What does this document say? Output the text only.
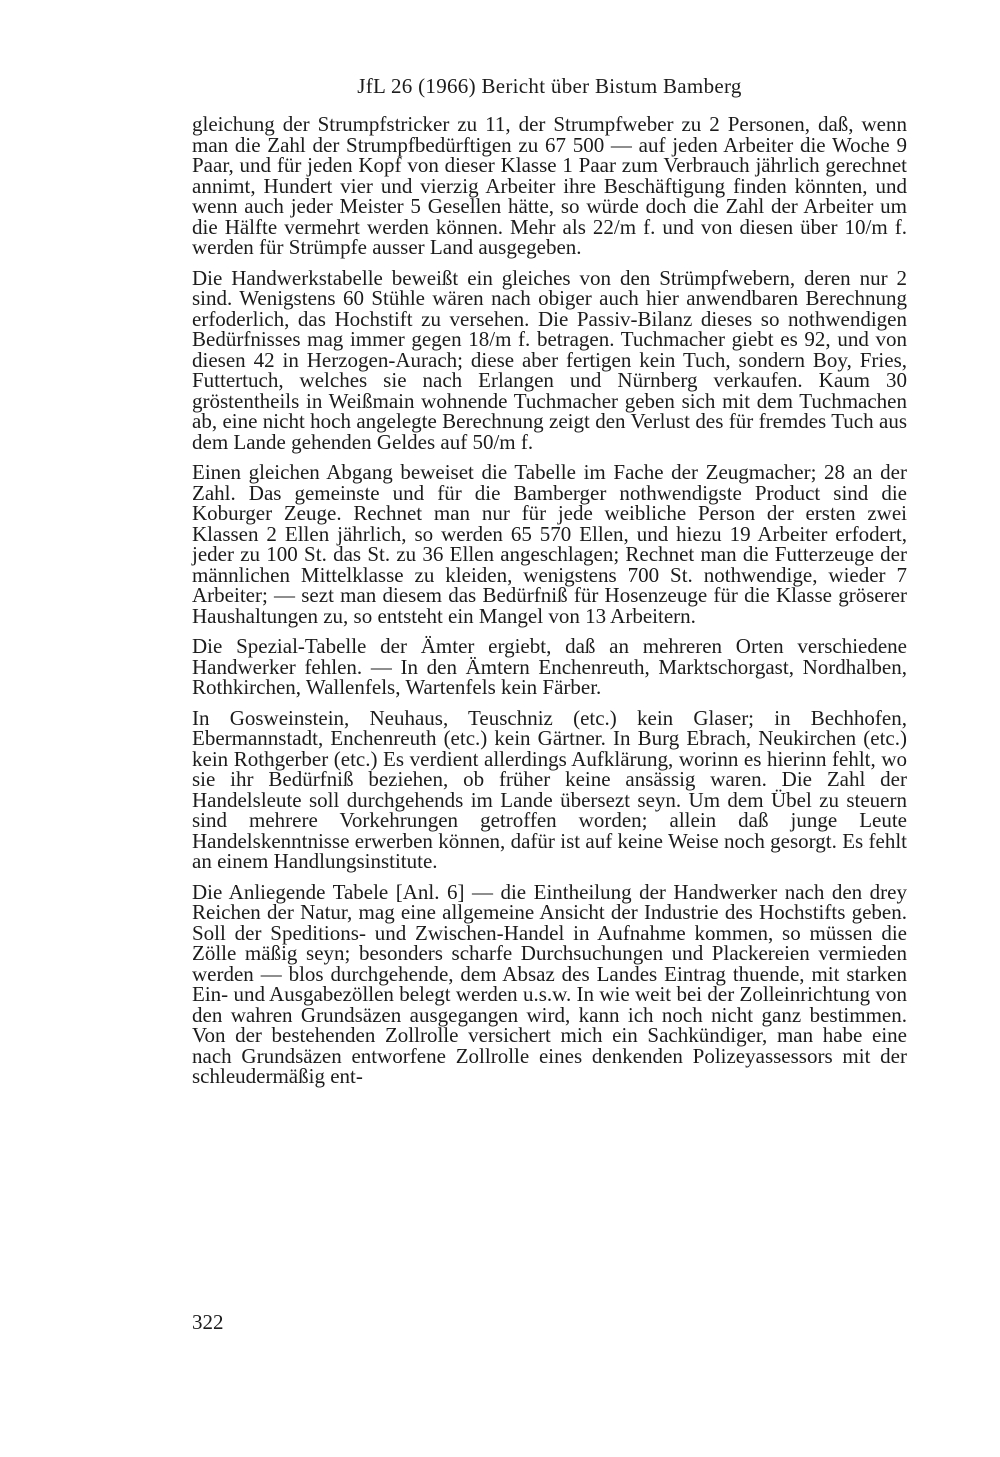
JfL 26 (1966) Bericht über Bistum Bamberg

gleichung der Strumpfstricker zu 11, der Strumpfweber zu 2 Personen, daß, wenn man die Zahl der Strumpfbedürftigen zu 67 500 — auf jeden Arbeiter die Woche 9 Paar, und für jeden Kopf von dieser Klasse 1 Paar zum Verbrauch jährlich gerechnet annimt, Hundert vier und vierzig Arbeiter ihre Beschäftigung finden könnten, und wenn auch jeder Meister 5 Gesellen hätte, so würde doch die Zahl der Arbeiter um die Hälfte vermehrt werden können. Mehr als 22/m f. und von diesen über 10/m f. werden für Strümpfe ausser Land ausgegeben.

Die Handwerkstabelle beweißt ein gleiches von den Strümpfwebern, deren nur 2 sind. Wenigstens 60 Stühle wären nach obiger auch hier anwendbaren Berechnung erfoderlich, das Hochstift zu versehen. Die Passiv-Bilanz dieses so nothwendigen Bedürfnisses mag immer gegen 18/m f. betragen. Tuchmacher giebt es 92, und von diesen 42 in Herzogen-Aurach; diese aber fertigen kein Tuch, sondern Boy, Fries, Futtertuch, welches sie nach Erlangen und Nürnberg verkaufen. Kaum 30 gröstentheils in Weißmain wohnende Tuchmacher geben sich mit dem Tuchmachen ab, eine nicht hoch angelegte Berechnung zeigt den Verlust des für fremdes Tuch aus dem Lande gehenden Geldes auf 50/m f.

Einen gleichen Abgang beweiset die Tabelle im Fache der Zeugmacher; 28 an der Zahl. Das gemeinste und für die Bamberger nothwendigste Product sind die Koburger Zeuge. Rechnet man nur für jede weibliche Person der ersten zwei Klassen 2 Ellen jährlich, so werden 65 570 Ellen, und hiezu 19 Arbeiter erfodert, jeder zu 100 St. das St. zu 36 Ellen angeschlagen; Rechnet man die Futterzeuge der männlichen Mittelklasse zu kleiden, wenigstens 700 St. nothwendige, wieder 7 Arbeiter; — sezt man diesem das Bedürfniß für Hosenzeuge für die Klasse gröserer Haushaltungen zu, so entsteht ein Mangel von 13 Arbeitern.

Die Spezial-Tabelle der Ämter ergiebt, daß an mehreren Orten verschiedene Handwerker fehlen. — In den Ämtern Enchenreuth, Marktschorgast, Nordhalben, Rothkirchen, Wallenfels, Wartenfels kein Färber.

In Gosweinstein, Neuhaus, Teuschniz (etc.) kein Glaser; in Bechhofen, Ebermannstadt, Enchenreuth (etc.) kein Gärtner. In Burg Ebrach, Neukirchen (etc.) kein Rothgerber (etc.) Es verdient allerdings Aufklärung, worinn es hierinn fehlt, wo sie ihr Bedürfniß beziehen, ob früher keine ansässig waren. Die Zahl der Handelsleute soll durchgehends im Lande übersezt seyn. Um dem Übel zu steuern sind mehrere Vorkehrungen getroffen worden; allein daß junge Leute Handelskenntnisse erwerben können, dafür ist auf keine Weise noch gesorgt. Es fehlt an einem Handlungsinstitute.

Die Anliegende Tabele [Anl. 6] — die Eintheilung der Handwerker nach den drey Reichen der Natur, mag eine allgemeine Ansicht der Industrie des Hochstifts geben. Soll der Speditions- und Zwischen-Handel in Aufnahme kommen, so müssen die Zölle mäßig seyn; besonders scharfe Durchsuchungen und Plackereien vermieden werden — blos durchgehende, dem Absaz des Landes Eintrag thuende, mit starken Ein- und Ausgabezöllen belegt werden u.s.w. In wie weit bei der Zolleinrichtung von den wahren Grundsäzen ausgegangen wird, kann ich noch nicht ganz bestimmen. Von der bestehenden Zollrolle versichert mich ein Sachkündiger, man habe eine nach Grundsäzen entworfene Zollrolle eines denkenden Polizeyassessors mit der schleudermäßig ent-

322
